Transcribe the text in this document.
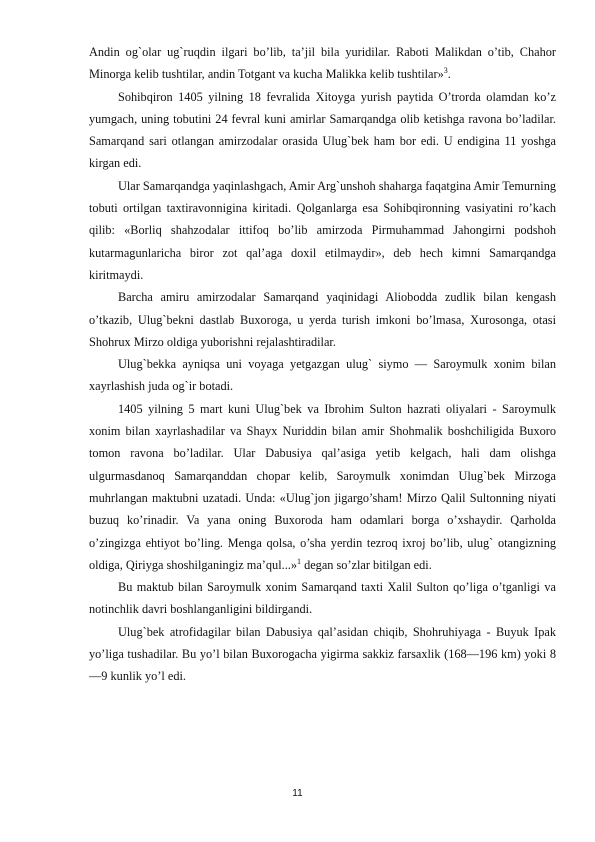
Andin og`olar ug`ruqdin ilgari bo’lib, ta’jil bila yuridilar. Raboti Malikdan o’tib, Chahor Minorga kelib tushtilar, andin Totgant va kucha Malikka kelib tushtilar»$^3$.

Sohibqiron 1405 yilning 18 fevralida Xitoyga yurish paytida O’trorda olamdan ko’z yumgach, uning tobutini 24 fevral kuni amirlar Samarqandga olib ketishga ravona bo’ladilar. Samarqand sari otlangan amirzodalar orasida Ulug`bek ham bor edi. U endigina 11 yoshga kirgan edi.

Ular Samarqandga yaqinlashgach, Amir Arg`unshoh shaharga faqatgina Amir Temurning tobuti ortilgan taxtiravonnigina kiritadi. Qolganlarga esa Sohibqironning vasiyatini ro’kach qilib: «Borliq shahzodalar ittifoq bo’lib amirzoda Pirmuhammad Jahongirni podshoh kutarmagunlaricha biror zot qal’aga doxil etilmaydir», deb hech kimni Samarqandga kiritmaydi.

Barcha amiru amirzodalar Samarqand yaqinidagi Aliobodda zudlik bilan kengash o’tkazib, Ulug`bekni dastlab Buxoroga, u yerda turish imkoni bo’lmasa, Xurosonga, otasi Shohrux Mirzo oldiga yuborishni rejalashtiradilar.

Ulug`bekka ayniqsa uni voyaga yetgazgan ulug` siymo — Saroymulk xonim bilan xayrlashish juda og`ir botadi.

1405 yilning 5 mart kuni Ulug`bek va Ibrohim Sulton hazrati oliyalari - Saroymulk xonim bilan xayrlashadilar va Shayx Nuriddin bilan amir Shohmalik boshchiligida Buxoro tomon ravona bo’ladilar. Ular Dabusiya qal’asiga yetib kelgach, hali dam olishga ulgurmasdanoq Samarqanddan chopar kelib, Saroymulk xonimdan Ulug`bek Mirzoga muhrlangan maktubni uzatadi. Unda: «Ulug`jon jigargo’sham! Mirzo Qalil Sultonning niyati buzuq ko’rinadir. Va yana oning Buxoroda ham odamlari borga o’xshaydir. Qarholda o’zingizga ehtiyot bo’ling. Menga qolsa, o’sha yerdin tezroq ixroj bo’lib, ulug` otangizning oldiga, Qiriyga shoshilganingiz ma’qul...»$^1$ degan so’zlar bitilgan edi.

Bu maktub bilan Saroymulk xonim Samarqand taxti Xalil Sulton qo’liga o’tganligi va notinchlik davri boshlanganligini bildirgandi.

Ulug`bek atrofidagilar bilan Dabusiya qal’asidan chiqib, Shohruhiyaga - Buyuk Ipak yo’liga tushadilar. Bu yo’l bilan Buxorogacha yigirma sakkiz farsaxlik (168—196 km) yoki 8—9 kunlik yo’l edi.

11
